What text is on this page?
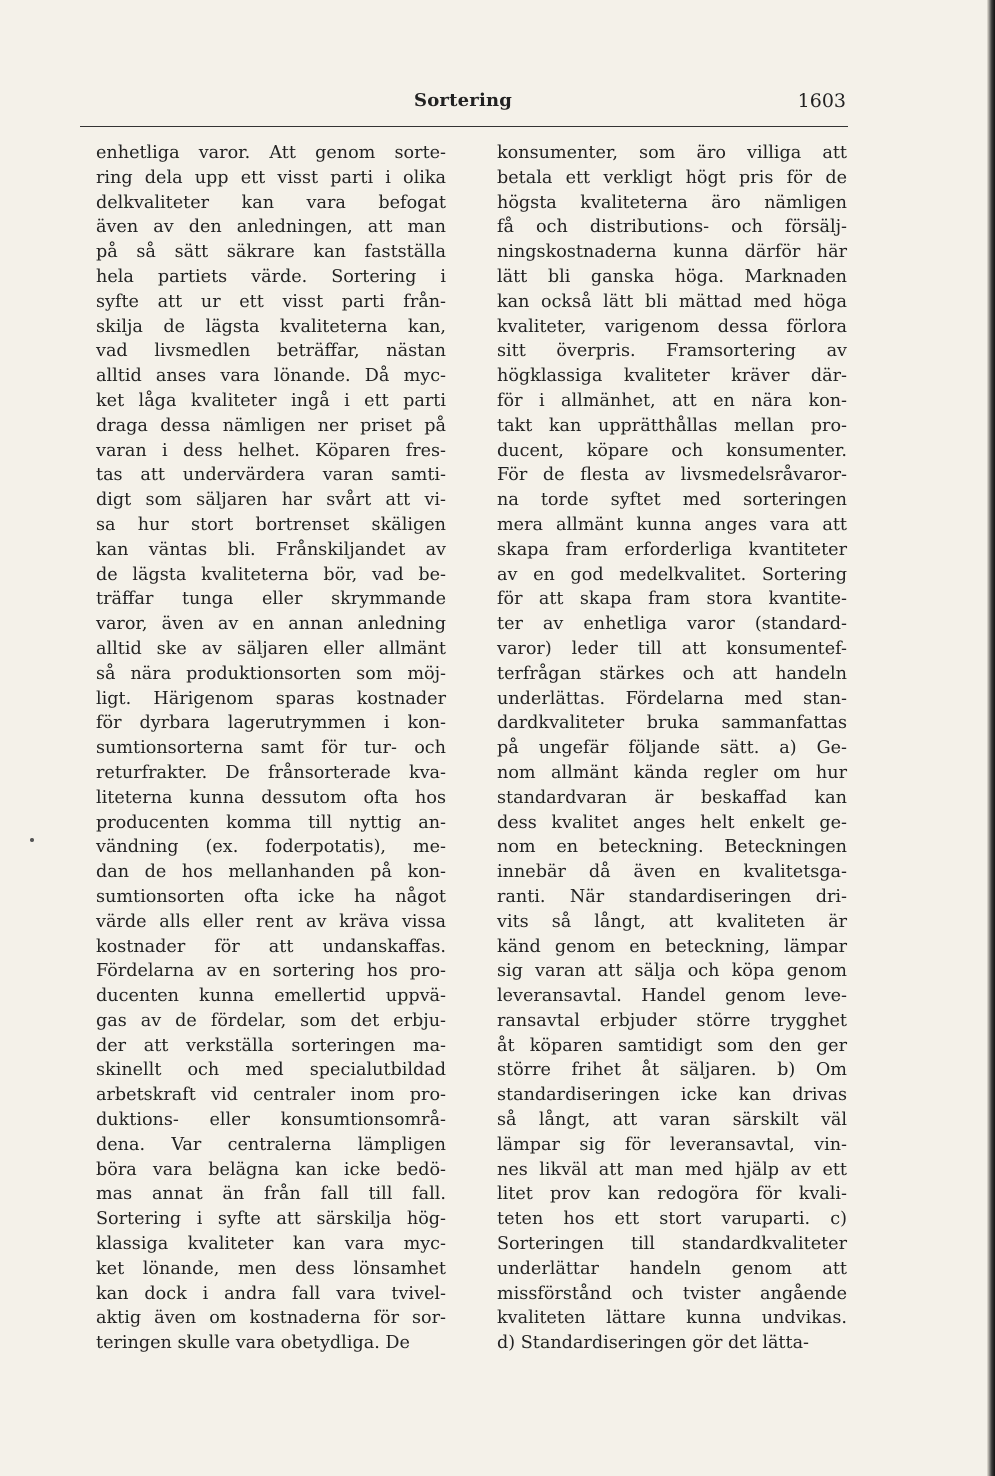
Sortering	1603
enhetliga varor. Att genom sorte-
ring dela upp ett visst parti i olika
delkvaliteter kan vara befogat
även av den anledningen, att man
på så sätt säkrare kan fastställa
hela partiets värde. Sortering i
syfte att ur ett visst parti från-
skilja de lägsta kvaliteterna kan,
vad livsmedlen beträffar, nästan
alltid anses vara lönande. Då myc-
ket låga kvaliteter ingå i ett parti
draga dessa nämligen ner priset på
varan i dess helhet. Köparen fres-
tas att undervärdera varan samti-
digt som säljaren har svårt att vi-
sa hur stort bortrenset skäligen
kan väntas bli. Frånskiljandet av
de lägsta kvaliteterna bör, vad be-
träffar tunga eller skrymmande
varor, även av en annan anledning
alltid ske av säljaren eller allmänt
så nära produktionsorten som möj-
ligt. Härigenom sparas kostnader
för dyrbara lagerutrymmen i kon-
sumtionsorterna samt för tur- och
returfrakter. De frånsorterade kva-
liteterna kunna dessutom ofta hos
producenten komma till nyttig an-
vändning (ex. foderpotatis), me-
dan de hos mellanhanden på kon-
sumtionsorten ofta icke ha något
värde alls eller rent av kräva vissa
kostnader för att undanskaffas.
Fördelarna av en sortering hos pro-
ducenten kunna emellertid uppvä-
gas av de fördelar, som det erbju-
der att verkställa sorteringen ma-
skinellt och med specialutbildad
arbetskraft vid centraler inom pro-
duktions- eller konsumtionsområ-
dena. Var centralerna lämpligen
böra vara belägna kan icke bedö-
mas annat än från fall till fall.
Sortering i syfte att särskilja hög-
klassiga kvaliteter kan vara myc-
ket lönande, men dess lönsamhet
kan dock i andra fall vara tvivel-
aktig även om kostnaderna för sor-
teringen skulle vara obetydliga. De
konsumenter, som äro villiga att
betala ett verkligt högt pris för de
högsta kvaliteterna äro nämligen
få och distributions- och försälj-
ningskostnaderna kunna därför här
lätt bli ganska höga. Marknaden
kan också lätt bli mättad med höga
kvaliteter, varigenom dessa förlora
sitt överpris. Framsortering av
högklassiga kvaliteter kräver där-
för i allmänhet, att en nära kon-
takt kan upprätthållas mellan pro-
ducent, köpare och konsumenter.
För de flesta av livsmedelsråvaror-
na torde syftet med sorteringen
mera allmänt kunna anges vara att
skapa fram erforderliga kvantiteter
av en god medelkvalitet. Sortering
för att skapa fram stora kvantite-
ter av enhetliga varor (standard-
varor) leder till att konsumentef-
terfrågan stärkes och att handeln
underlättas. Fördelarna med stan-
dardkvaliteter bruka sammanfattas
på ungefär följande sätt. a) Ge-
nom allmänt kända regler om hur
standardvaran är beskaffad kan
dess kvalitet anges helt enkelt ge-
nom en beteckning. Beteckningen
innebär då även en kvalitetsga-
ranti. När standardiseringen dri-
vits så långt, att kvaliteten är
känd genom en beteckning, lämpar
sig varan att sälja och köpa genom
leveransavtal. Handel genom leve-
ransavtal erbjuder större trygghet
åt köparen samtidigt som den ger
större frihet åt säljaren. b) Om
standardiseringen icke kan drivas
så långt, att varan särskilt väl
lämpar sig för leveransavtal, vin-
nes likväl att man med hjälp av ett
litet prov kan redogöra för kvali-
teten hos ett stort varuparti. c)
Sorteringen till standardkvaliteter
underlättar handeln genom att
missförstånd och tvister angående
kvaliteten lättare kunna undvikas.
d) Standardiseringen gör det lätta-
